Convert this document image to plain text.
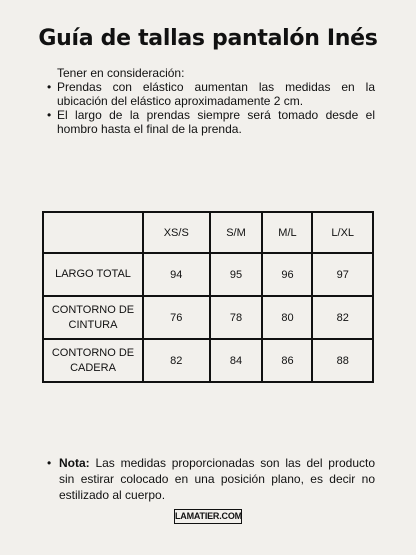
Guía de tallas pantalón Inés
Tener en consideración:
• Prendas con elástico aumentan las medidas en la ubicación del elástico aproximadamente 2 cm.
• El largo de la prendas siempre será tomado desde el hombro hasta el final de la prenda.
	XS/S	S/M	M/L	L/XL
LARGO TOTAL	94	95	96	97
CONTORNO DE CINTURA	76	78	80	82
CONTORNO DE CADERA	82	84	86	88
• Nota: Las medidas proporcionadas son las del producto sin estirar colocado en una posición plano, es decir no estilizado al cuerpo.
LAMATIER.COM
